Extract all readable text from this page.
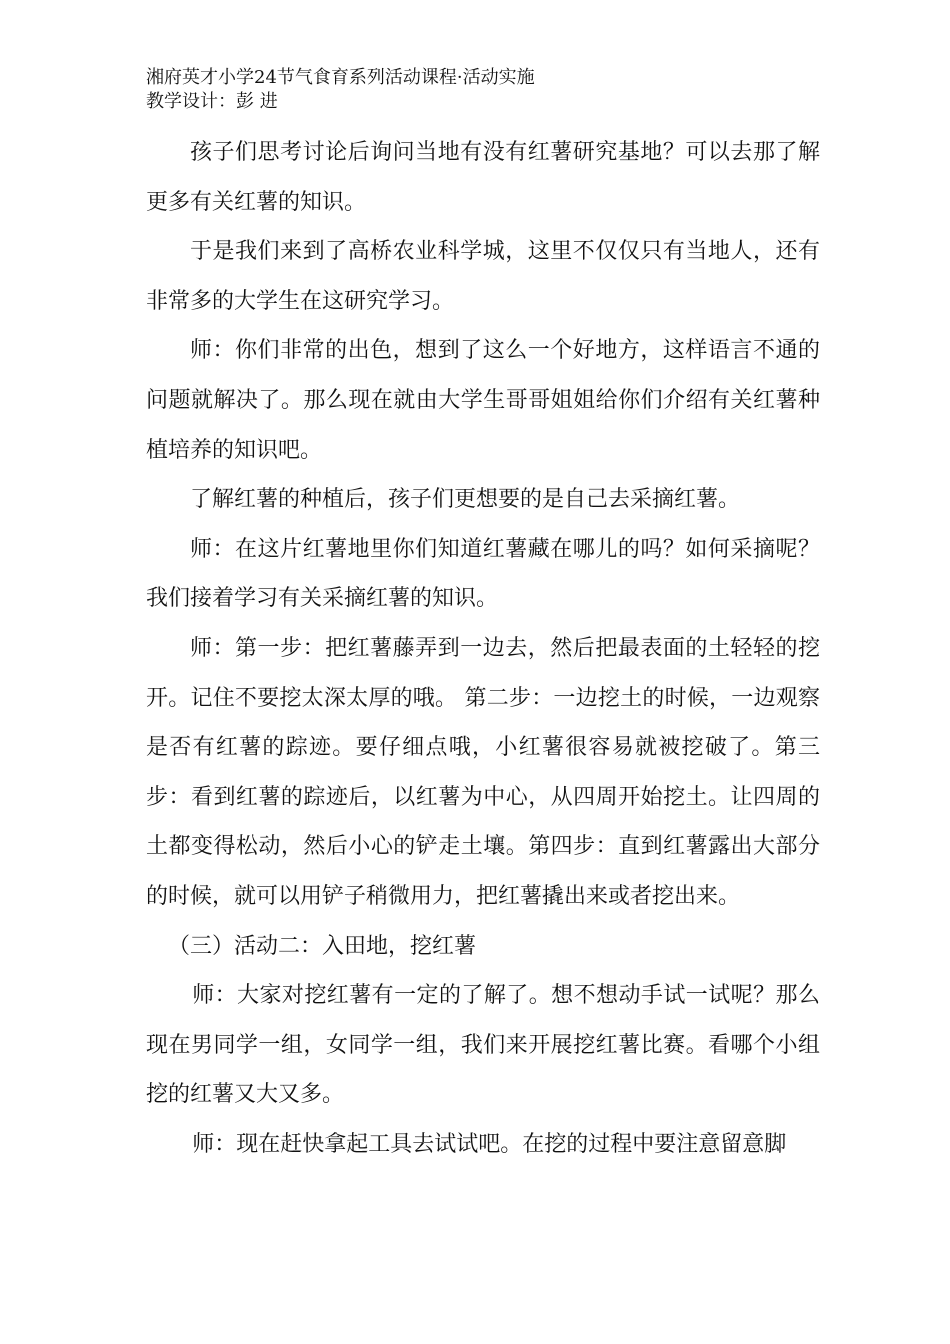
湘府英才小学24节气食育系列活动课程·活动实施
教学设计：彭 进

孩子们思考讨论后询问当地有没有红薯研究基地？可以去那了解更多有关红薯的知识。

于是我们来到了高桥农业科学城，这里不仅仅只有当地人，还有非常多的大学生在这研究学习。

师：你们非常的出色，想到了这么一个好地方，这样语言不通的问题就解决了。那么现在就由大学生哥哥姐姐给你们介绍有关红薯种植培养的知识吧。

了解红薯的种植后，孩子们更想要的是自己去采摘红薯。

师：在这片红薯地里你们知道红薯藏在哪儿的吗？如何采摘呢？我们接着学习有关采摘红薯的知识。

师：第一步：把红薯藤弄到一边去，然后把最表面的土轻轻的挖开。记住不要挖太深太厚的哦。 第二步：一边挖土的时候，一边观察是否有红薯的踪迹。要仔细点哦，小红薯很容易就被挖破了。第三步：看到红薯的踪迹后，以红薯为中心，从四周开始挖土。让四周的土都变得松动，然后小心的铲走土壤。第四步：直到红薯露出大部分的时候，就可以用铲子稍微用力，把红薯撬出来或者挖出来。

（三）活动二：入田地，挖红薯

师：大家对挖红薯有一定的了解了。想不想动手试一试呢？那么现在男同学一组，女同学一组，我们来开展挖红薯比赛。看哪个小组挖的红薯又大又多。

师：现在赶快拿起工具去试试吧。在挖的过程中要注意留意脚
